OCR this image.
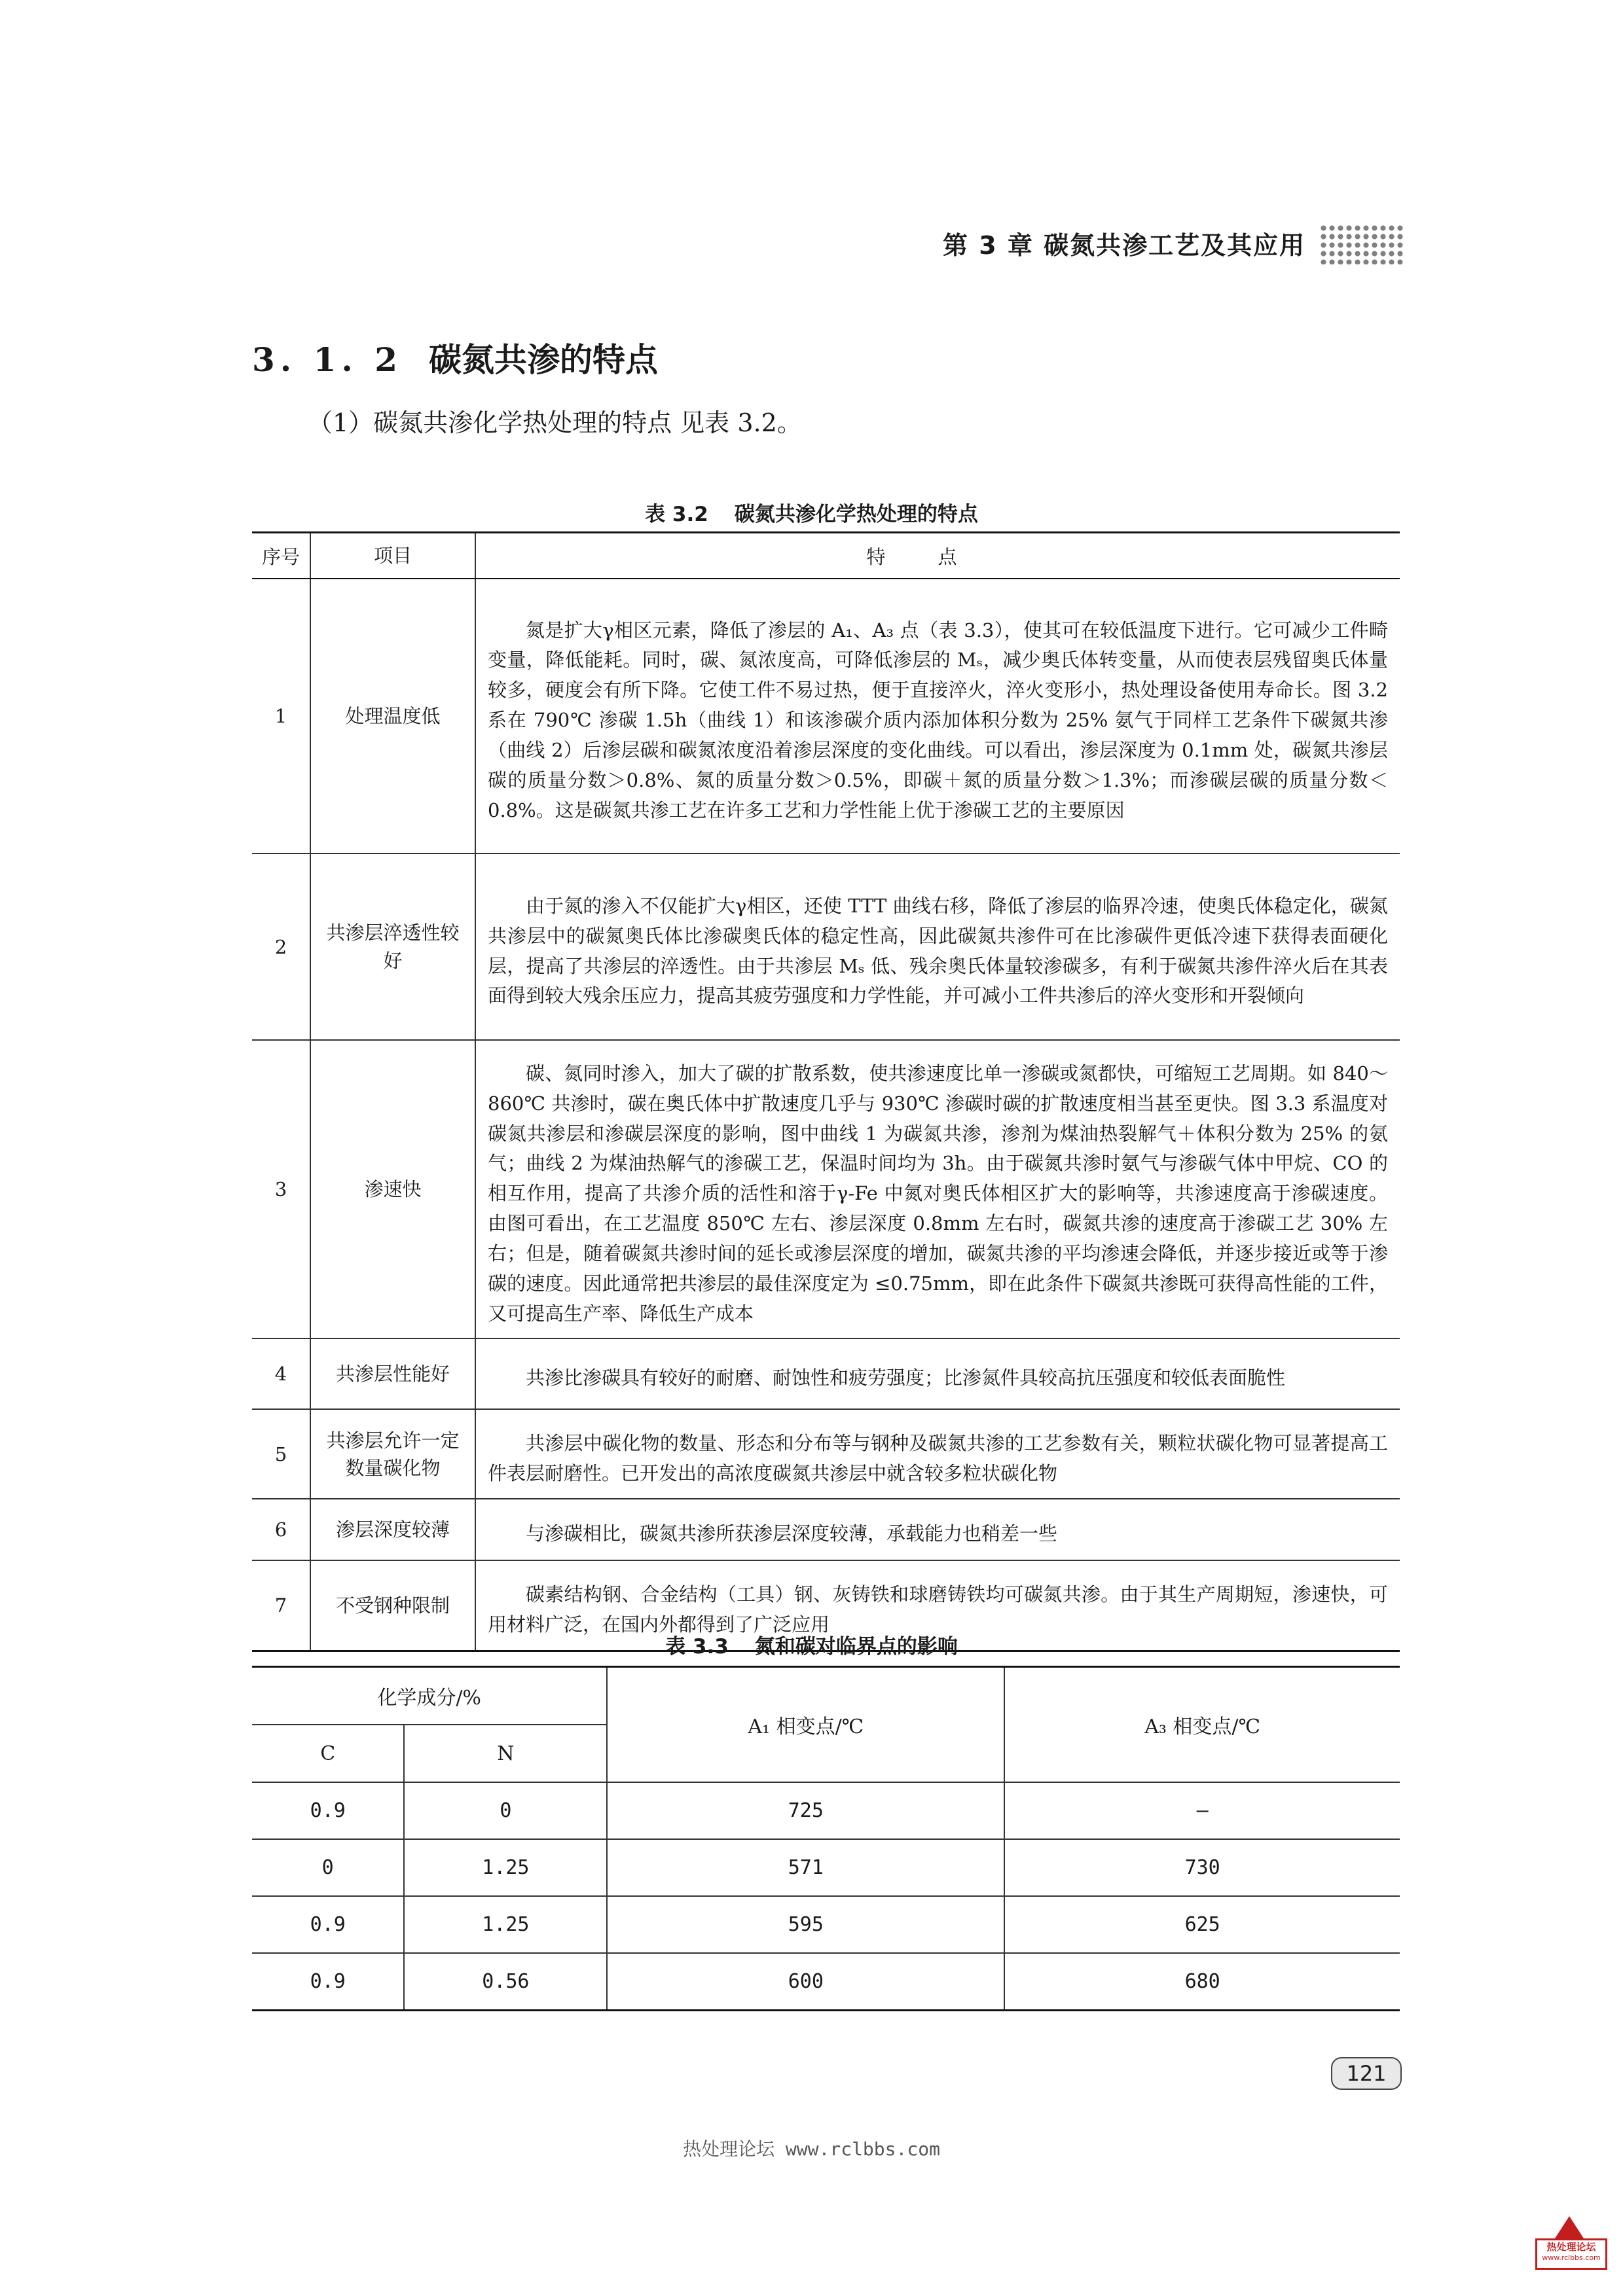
第 3 章 碳氮共渗工艺及其应用
3. 1. 2 碳氮共渗的特点
（1）碳氮共渗化学热处理的特点 见表 3.2。
表 3.2 碳氮共渗化学热处理的特点
序号	项目	特点
1	处理温度低	氮是扩大γ相区元素，降低了渗层的 A₁、A₃ 点（表 3.3），使其可在较低温度下进行。它可减少工件畸变量，降低能耗。同时，碳、氮浓度高，可降低渗层的 Mₛ，减少奥氏体转变量，从而使表层残留奥氏体量较多，硬度会有所下降。它使工件不易过热，便于直接淬火，淬火变形小，热处理设备使用寿命长。图 3.2 系在 790℃ 渗碳 1.5h（曲线 1）和该渗碳介质内添加体积分数为 25% 氨气于同样工艺条件下碳氮共渗（曲线 2）后渗层碳和碳氮浓度沿着渗层深度的变化曲线。可以看出，渗层深度为 0.1mm 处，碳氮共渗层碳的质量分数＞0.8%、氮的质量分数＞0.5%，即碳＋氮的质量分数＞1.3%；而渗碳层碳的质量分数＜0.8%。这是碳氮共渗工艺在许多工艺和力学性能上优于渗碳工艺的主要原因
2	共渗层淬透性较好	由于氮的渗入不仅能扩大γ相区，还使 TTT 曲线右移，降低了渗层的临界冷速，使奥氏体稳定化，碳氮共渗层中的碳氮奥氏体比渗碳奥氏体的稳定性高，因此碳氮共渗件可在比渗碳件更低冷速下获得表面硬化层，提高了共渗层的淬透性。由于共渗层 Mₛ 低、残余奥氏体量较渗碳多，有利于碳氮共渗件淬火后在其表面得到较大残余压应力，提高其疲劳强度和力学性能，并可减小工件共渗后的淬火变形和开裂倾向
3	渗速快	碳、氮同时渗入，加大了碳的扩散系数，使共渗速度比单一渗碳或氮都快，可缩短工艺周期。如 840～860℃ 共渗时，碳在奥氏体中扩散速度几乎与 930℃ 渗碳时碳的扩散速度相当甚至更快。图 3.3 系温度对碳氮共渗层和渗碳层深度的影响，图中曲线 1 为碳氮共渗，渗剂为煤油热裂解气＋体积分数为 25% 的氨气；曲线 2 为煤油热解气的渗碳工艺，保温时间均为 3h。由于碳氮共渗时氨气与渗碳气体中甲烷、CO 的相互作用，提高了共渗介质的活性和溶于γ-Fe 中氮对奥氏体相区扩大的影响等，共渗速度高于渗碳速度。由图可看出，在工艺温度 850℃ 左右、渗层深度 0.8mm 左右时，碳氮共渗的速度高于渗碳工艺 30% 左右；但是，随着碳氮共渗时间的延长或渗层深度的增加，碳氮共渗的平均渗速会降低，并逐步接近或等于渗碳的速度。因此通常把共渗层的最佳深度定为 ≤0.75mm，即在此条件下碳氮共渗既可获得高性能的工件，又可提高生产率、降低生产成本
4	共渗层性能好	共渗比渗碳具有较好的耐磨、耐蚀性和疲劳强度；比渗氮件具较高抗压强度和较低表面脆性
5	共渗层允许一定数量碳化物	共渗层中碳化物的数量、形态和分布等与钢种及碳氮共渗的工艺参数有关，颗粒状碳化物可显著提高工件表层耐磨性。已开发出的高浓度碳氮共渗层中就含较多粒状碳化物
6	渗层深度较薄	与渗碳相比，碳氮共渗所获渗层深度较薄，承载能力也稍差一些
7	不受钢种限制	碳素结构钢、合金结构（工具）钢、灰铸铁和球磨铸铁均可碳氮共渗。由于其生产周期短，渗速快，可用材料广泛，在国内外都得到了广泛应用
表 3.3 氮和碳对临界点的影响
化学成分/%		A₁ 相变点/℃	A₃ 相变点/℃
C	N		
0.9	0	725	—
0	1.25	571	730
0.9	1.25	595	625
0.9	0.56	600	680
121
热处理论坛 www.rclbbs.com
热处理论坛
www.rclbbs.com
